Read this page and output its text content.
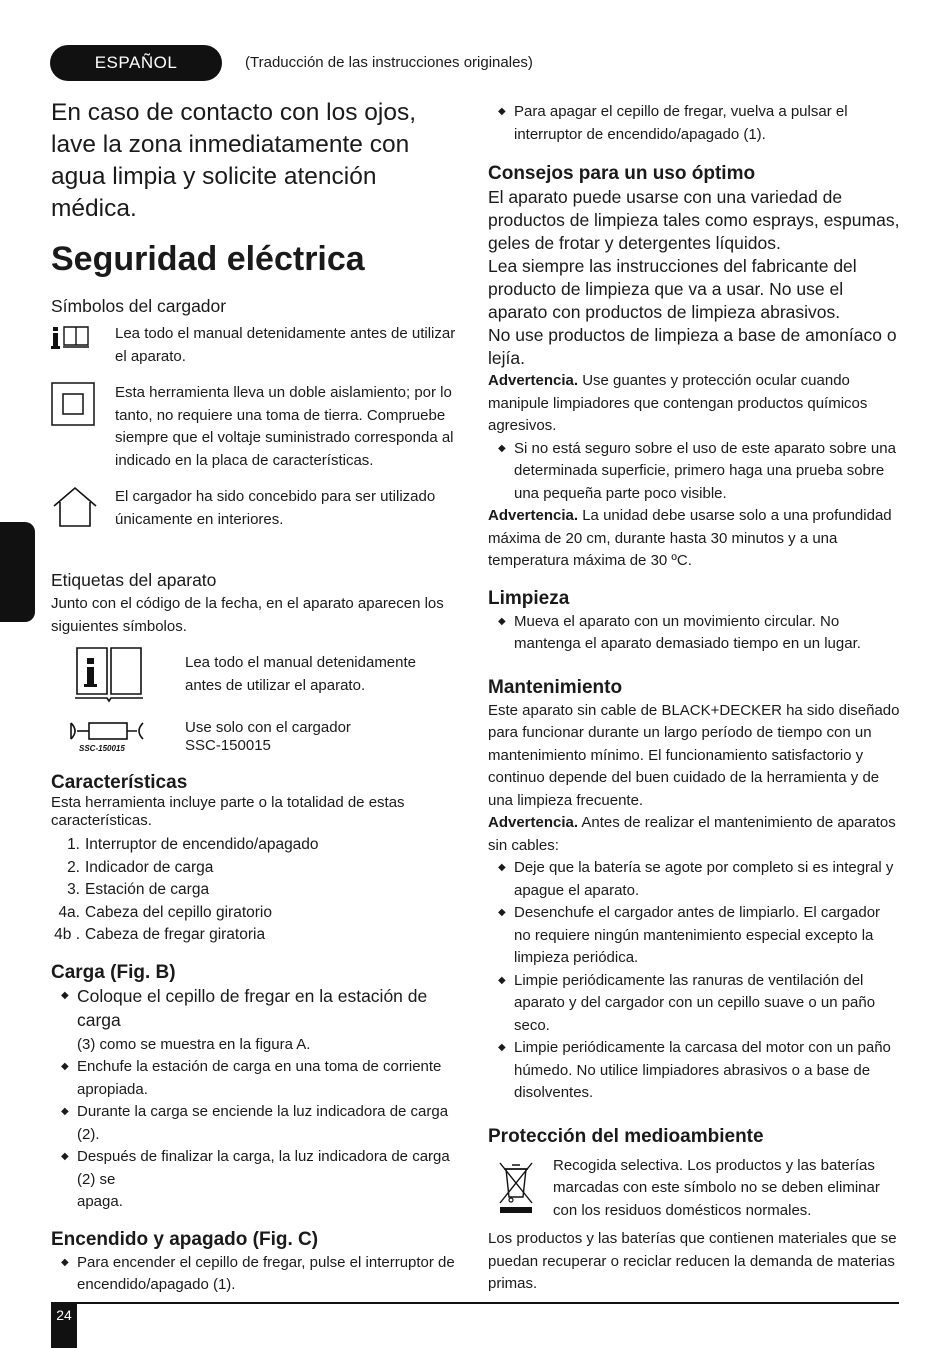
ESPAÑOL	(Traducción de las instrucciones originales)
En caso de contacto con los ojos, lave la zona inmediatamente con agua limpia y solicite atención médica.
Seguridad eléctrica
Símbolos del cargador
Lea todo el manual detenidamente antes de utilizar el aparato.
Esta herramienta lleva un doble aislamiento; por lo tanto, no requiere una toma de tierra. Compruebe siempre que el voltaje suministrado corresponda al indicado en la placa de características.
El cargador ha sido concebido para ser utilizado únicamente en interiores.
Etiquetas del aparato

Junto con el código de la fecha, en el aparato aparecen los siguientes símbolos.

Lea todo el manual detenidamente antes de utilizar el aparato.
SSC-150015
Use solo con el cargador SSC-150015
Características

Esta herramienta incluye parte o la totalidad de estas características.

1. Interruptor de encendido/apagado
2. Indicador de carga
3. Estación de carga
4a. Cabeza del cepillo giratorio
4b . Cabeza de fregar giratoria
Carga (Fig. B)
◆ Coloque el cepillo de fregar en la estación de carga
(3) como se muestra en la figura A.
◆ Enchufe la estación de carga en una toma de corriente apropiada.
◆ Durante la carga se enciende la luz indicadora de carga (2).
◆ Después de finalizar la carga, la luz indicadora de carga (2) se
apaga.
Encendido y apagado (Fig. C)
◆ Para encender el cepillo de fregar, pulse el interruptor de encendido/apagado (1).
◆ Para apagar el cepillo de fregar, vuelva a pulsar el interruptor de encendido/apagado (1).
Consejos para un uso óptimo

El aparato puede usarse con una variedad de productos de limpieza tales como esprays, espumas, geles de frotar y detergentes líquidos.

Lea siempre las instrucciones del fabricante del producto de limpieza que va a usar. No use el aparato con productos de limpieza abrasivos.

No use productos de limpieza a base de amoníaco o lejía.

Advertencia. Use guantes y protección ocular cuando manipule limpiadores que contengan productos químicos agresivos.

◆ Si no está seguro sobre el uso de este aparato sobre una determinada superficie, primero haga una prueba sobre una pequeña parte poco visible.

Advertencia. La unidad debe usarse solo a una profundidad máxima de 20 cm, durante hasta 30 minutos y a una temperatura máxima de 30 ºC.

Limpieza
◆ Mueva el aparato con un movimiento circular. No mantenga el aparato demasiado tiempo en un lugar.
Mantenimiento

Este aparato sin cable de BLACK+DECKER ha sido diseñado para funcionar durante un largo período de tiempo con un mantenimiento mínimo. El funcionamiento satisfactorio y continuo depende del buen cuidado de la herramienta y de una limpieza frecuente.

Advertencia. Antes de realizar el mantenimiento de aparatos sin cables:

◆ Deje que la batería se agote por completo si es integral y apague el aparato.
◆ Desenchufe el cargador antes de limpiarlo. El cargador no requiere ningún mantenimiento especial excepto la limpieza periódica.
◆ Limpie periódicamente las ranuras de ventilación del aparato y del cargador con un cepillo suave o un paño seco.
◆ Limpie periódicamente la carcasa del motor con un paño húmedo. No utilice limpiadores abrasivos o a base de disolventes.
Protección del medioambiente
Recogida selectiva. Los productos y las baterías marcadas con este símbolo no se deben eliminar con los residuos domésticos normales.

Los productos y las baterías que contienen materiales que se puedan recuperar o reciclar reducen la demanda de materias primas.

24
